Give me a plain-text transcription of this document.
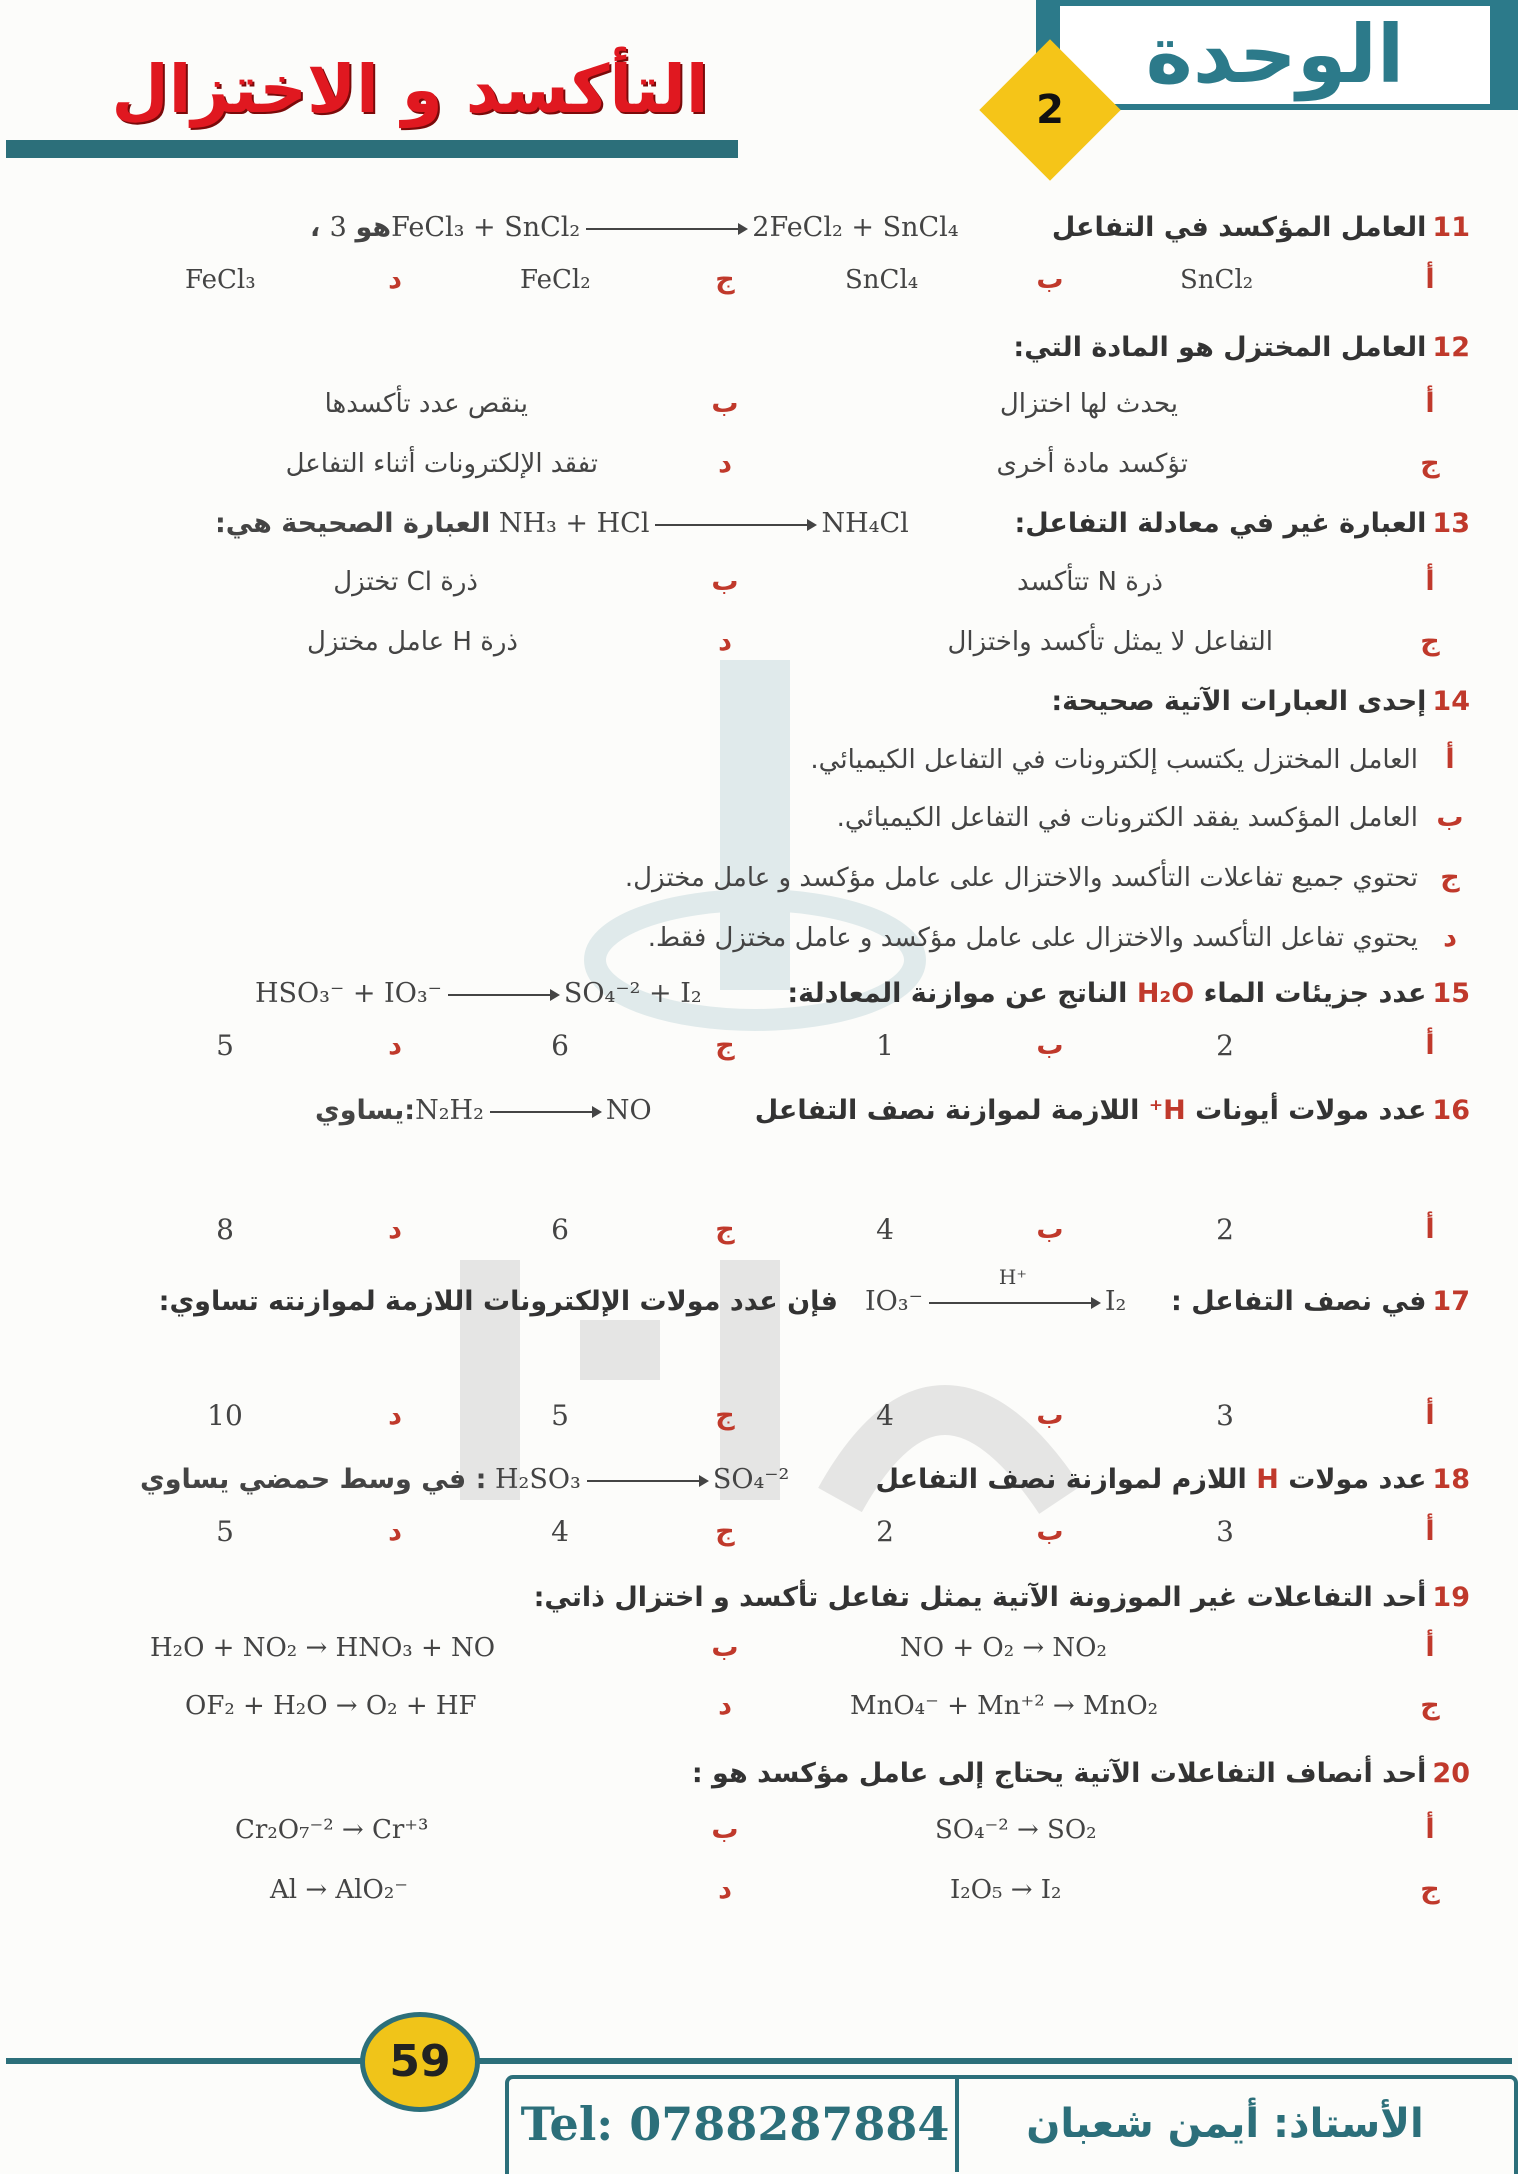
الوحدة
2
التأكسد و الاختزال
11العامل المؤكسد في التفاعل
، هو 3FeCl₃ + SnCl₂	2FeCl₂ + SnCl₄
أ
SnCl₂
ب
SnCl₄
ج
FeCl₂
د
FeCl₃
12العامل المختزل هو المادة التي:
أ
يحدث لها اختزال
ب
ينقص عدد تأكسدها
ج
تؤكسد مادة أخرى
د
تفقد الإلكترونات أثناء التفاعل
13العبارة غير في معادلة التفاعل:
العبارة الصحيحة هي: NH₃ + HCl	NH₄Cl
أ
ذرة N تتأكسد
ب
ذرة Cl تختزل
ج
التفاعل لا يمثل تأكسد واختزال
د
ذرة H عامل مختزل
14إحدى العبارات الآتية صحيحة:
أ
العامل المختزل يكتسب إلكترونات في التفاعل الكيميائي.
ب
العامل المؤكسد يفقد الكترونات في التفاعل الكيميائي.
ج
تحتوي جميع تفاعلات التأكسد والاختزال على عامل مؤكسد و عامل مختزل.
د
يحتوي تفاعل التأكسد والاختزال على عامل مؤكسد و عامل مختزل فقط.
15عدد جزيئات الماء H₂O الناتج عن موازنة المعادلة:
HSO₃⁻ + IO₃⁻	SO₄⁻² + I₂
أ
2
ب
1
ج
6
د
5
16عدد مولات أيونات H⁺ اللازمة لموازنة نصف التفاعل
يساوي:N₂H₂	NO
أ
2
ب
4
ج
6
د
8
17في نصف التفاعل :
IO₃⁻
H⁺
I₂
فإن عدد مولات الإلكترونات اللازمة لموازنته تساوي:
أ
3
ب
4
ج
5
د
10
18عدد مولات H اللازم لموازنة نصف التفاعل
في وسط حمضي يساوي : H₂SO₃	SO₄⁻²
أ
3
ب
2
ج
4
د
5
19أحد التفاعلات غير الموزونة الآتية يمثل تفاعل تأكسد و اختزال ذاتي:
أ
NO + O₂ → NO₂
ب
H₂O + NO₂ → HNO₃ + NO
ج
MnO₄⁻ + Mn⁺² → MnO₂
د
OF₂ + H₂O → O₂ + HF
20أحد أنصاف التفاعلات الآتية يحتاج إلى عامل مؤكسد هو :
أ
SO₄⁻² → SO₂
ب
Cr₂O₇⁻² → Cr⁺³
ج
I₂O₅ → I₂
د
Al → AlO₂⁻
59
Tel: 0788287884	الأستاذ: أيمن شعبان
